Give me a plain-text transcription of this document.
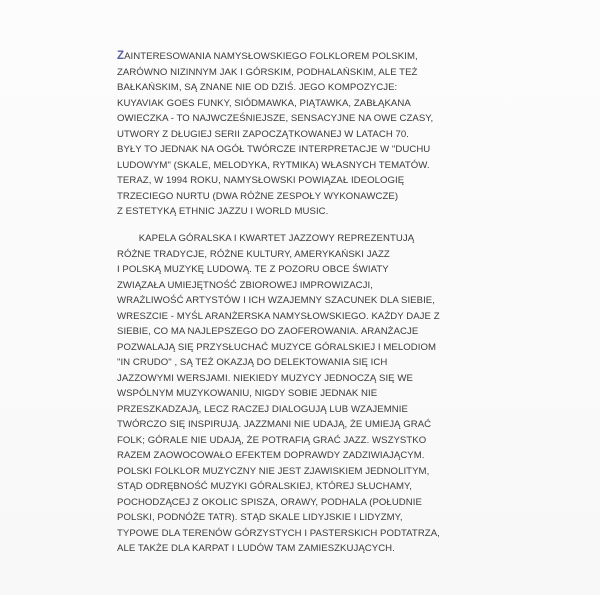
ZAINTERESOWANIA NAMYSŁOWSKIEGO FOLKLOREM POLSKIM,
ZARÓWNO NIZINNYM JAK I GÓRSKIM, PODHALAŃSKIM, ALE TEŻ
BAŁKAŃSKIM, SĄ ZNANE NIE OD DZIŚ. JEGO KOMPOZYCJE:
KUYAVIAK GOES FUNKY, SIÓDMAWKA, PIĄTAWKA, ZABŁĄKANA
OWIECZKA - TO NAJWCZEŚNIEJSZE, SENSACYJNE NA OWE CZASY,
UTWORY Z DŁUGIEJ SERII ZAPOCZĄTKOWANEJ W LATACH 70.
BYŁY TO JEDNAK NA OGÓŁ TWÓRCZE INTERPRETACJE W "DUCHU
LUDOWYM" (SKALE, MELODYKA, RYTMIKA) WŁASNYCH TEMATÓW.
TERAZ, W 1994 ROKU, NAMYSŁOWSKI POWIĄZAŁ IDEOLOGIĘ
TRZECIEGO NURTU (DWA RÓŻNE ZESPOŁY WYKONAWCZE)
Z ESTETYKĄ ETHNIC JAZZU I WORLD MUSIC.
KAPELA GÓRALSKA I KWARTET JAZZOWY REPREZENTUJĄ
RÓŻNE TRADYCJE, RÓŻNE KULTURY, AMERYKAŃSKI JAZZ
I POLSKĄ MUZYKĘ LUDOWĄ. TE Z POZORU OBCE ŚWIATY
ZWIĄZAŁA UMIEJĘTNOŚĆ ZBIOROWEJ IMPROWIZACJI,
WRAŻLIWOŚĆ ARTYSTÓW I ICH WZAJEMNY SZACUNEK DLA SIEBIE,
WRESZCIE - MYŚL ARANŻERSKA NAMYSŁOWSKIEGO. KAŻDY DAJE Z
SIEBIE, CO MA NAJLEPSZEGO DO ZAOFEROWANIA. ARANŻACJE
POZWALAJĄ SIĘ PRZYSŁUCHAĆ MUZYCE GÓRALSKIEJ I MELODIOM
"IN CRUDO" , SĄ TEŻ OKAZJĄ DO DELEKTOWANIA SIĘ ICH
JAZZOWYMI WERSJAMI. NIEKIEDY MUZYCY JEDNOCZĄ SIĘ WE
WSPÓLNYM MUZYKOWANIU, NIGDY SOBIE JEDNAK NIE
PRZESZKADZAJĄ, LECZ RACZEJ DIALOGUJĄ LUB WZAJEMNIE
TWÓRCZO SIĘ INSPIRUJĄ. JAZZMANI NIE UDAJĄ, ŻE UMIEJĄ GRAĆ
FOLK; GÓRALE NIE UDAJĄ, ŻE POTRAFIĄ GRAĆ JAZZ. WSZYSTKO
RAZEM ZAOWOCOWAŁO EFEKTEM DOPRAWDY ZADZIWIAJĄCYM.
POLSKI FOLKLOR MUZYCZNY NIE JEST ZJAWISKIEM JEDNOLITYM,
STĄD ODRĘBNOŚĆ MUZYKI GÓRALSKIEJ, KTÓREJ SŁUCHAMY,
POCHODZĄCEJ Z OKOLIC SPISZA, ORAWY, PODHALA (POŁUDNIE
POLSKI, PODNÓŻE TATR). STĄD SKALE LIDYJSKIE I LIDYZMY,
TYPOWE DLA TERENÓW GÓRZYSTYCH I PASTERSKICH PODTATRZA,
ALE TAKŻE DLA KARPAT I LUDÓW TAM ZAMIESZKUJĄCYCH.
